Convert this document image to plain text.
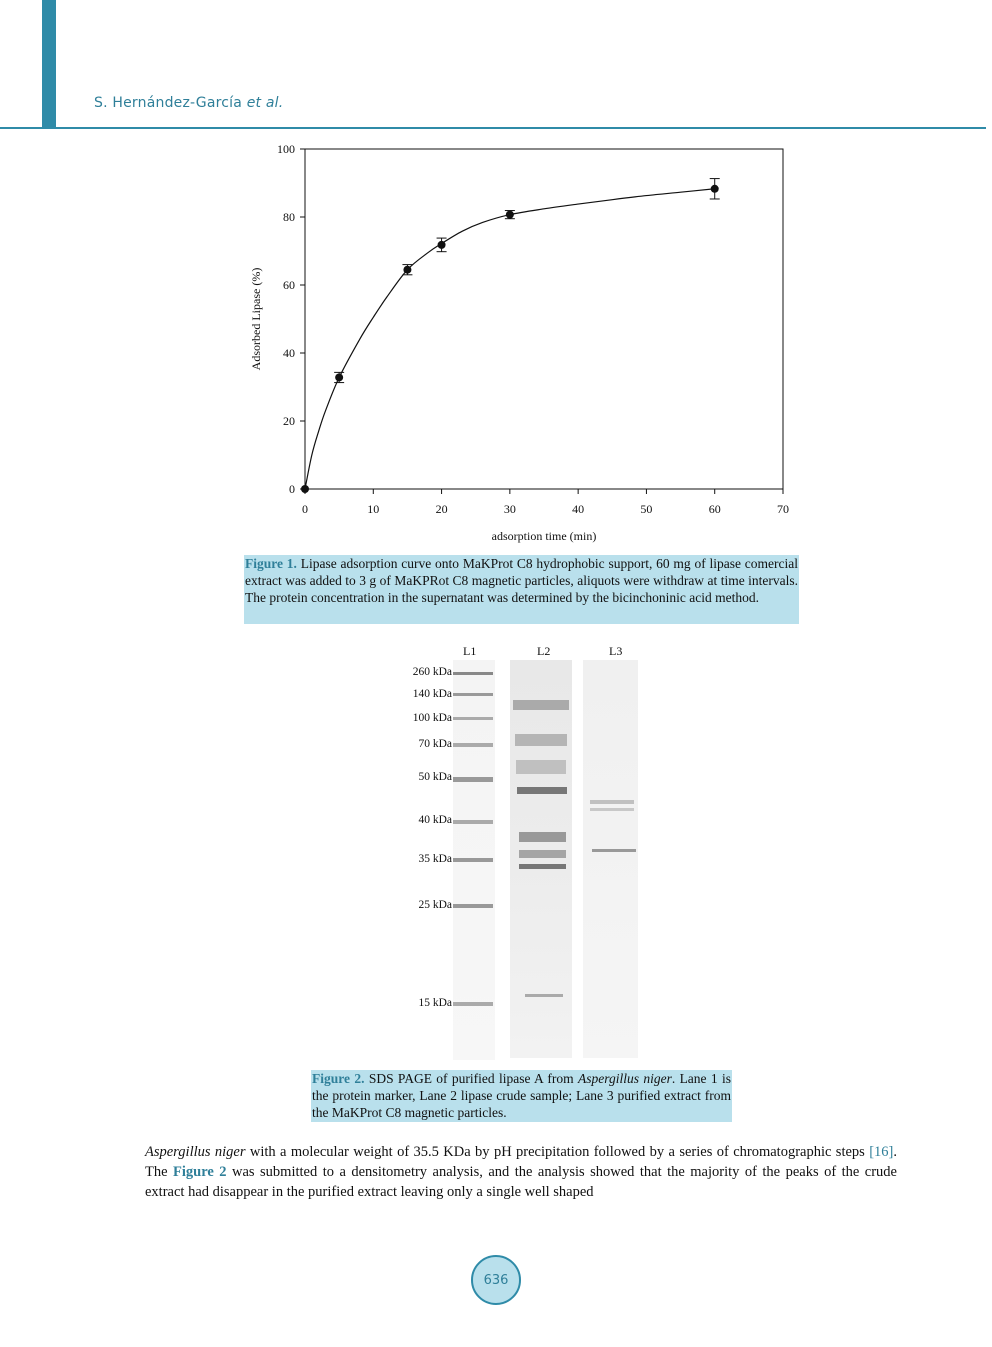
S. Hernández-García et al.
0
20
40
60
80
100
0	10	20	30	40	50	60	70
Adsorbed Lipase (%)
adsorption time (min)
Figure 1. Lipase adsorption curve onto MaKProt C8 hydrophobic support, 60 mg of lipase comercial extract was added to 3 g of MaKPRot C8 magnetic particles, aliquots were withdraw at time intervals. The protein concentration in the supernatant was determined by the bicinchoninic acid method.
L1	L2	L3
260 kDa
140 kDa
100 kDa
70 kDa
50 kDa
40 kDa
35 kDa
25 kDa
15 kDa
Figure 2. SDS PAGE of purified lipase A from Aspergillus niger. Lane 1 is the protein marker, Lane 2 lipase crude sample; Lane 3 purified extract from the MaKProt C8 magnetic particles.
Aspergillus niger with a molecular weight of 35.5 KDa by pH precipitation followed by a series of chromatographic steps [16]. The Figure 2 was submitted to a densitometry analysis, and the analysis showed that the majority of the peaks of the crude extract had disappear in the purified extract leaving only a single well shaped
636
